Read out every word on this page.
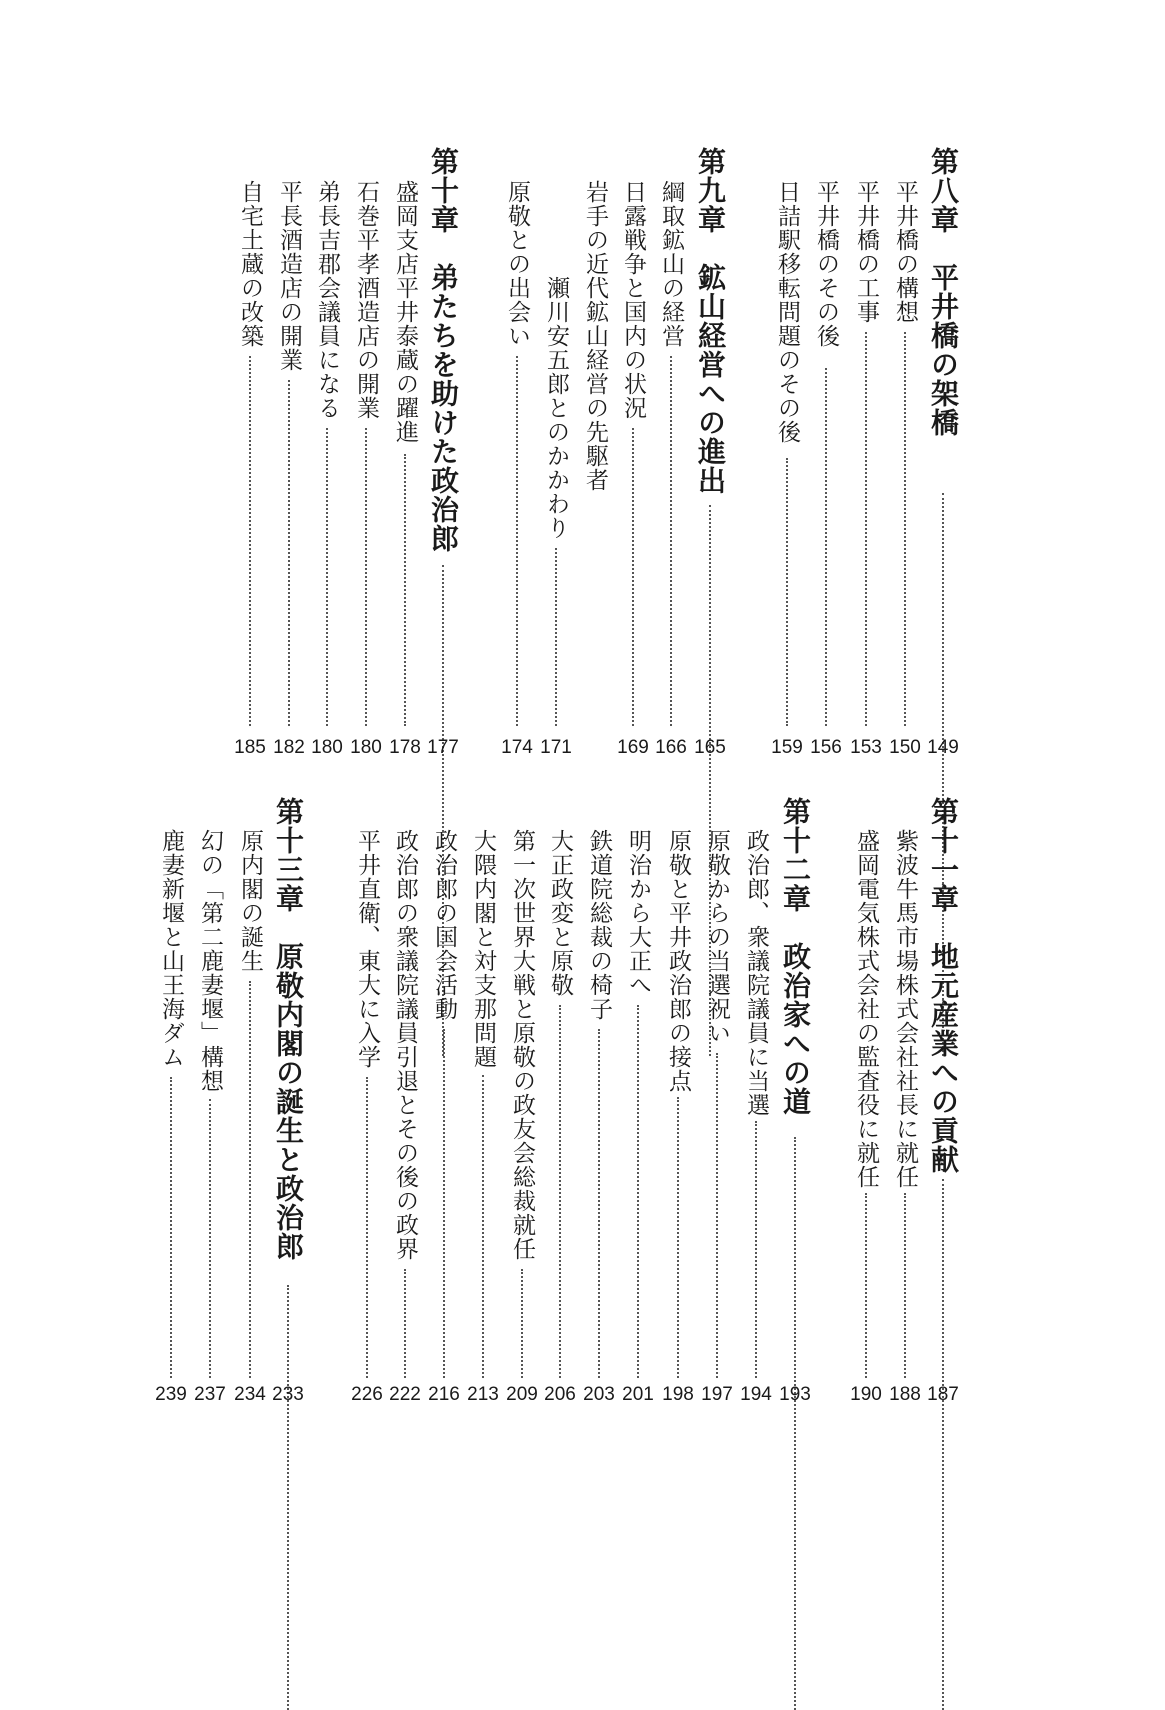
第八章　平井橋の架橋
149
平井橋の構想
150
平井橋の工事
153
平井橋のその後
156
日詰駅移転問題のその後
159
第九章　鉱山経営への進出
165
綱取鉱山の経営
166
日露戦争と国内の状況
169
岩手の近代鉱山経営の先駆者
瀬川安五郎とのかかわり
171
原敬との出会い
174
第十章　弟たちを助けた政治郎
177
盛岡支店平井泰蔵の躍進
178
石巻平孝酒造店の開業
180
弟長吉郡会議員になる
180
平長酒造店の開業
182
自宅土蔵の改築
185
第十一章　地元産業への貢献
187
紫波牛馬市場株式会社社長に就任
188
盛岡電気株式会社の監査役に就任
190
第十二章　政治家への道
193
政治郎、衆議院議員に当選
194
原敬からの当選祝い
197
原敬と平井政治郎の接点
198
明治から大正へ
201
鉄道院総裁の椅子
203
大正政変と原敬
206
第一次世界大戦と原敬の政友会総裁就任
209
大隈内閣と対支那問題
213
政治郎の国会活動
216
政治郎の衆議院議員引退とその後の政界
222
平井直衛、東大に入学
226
第十三章　原敬内閣の誕生と政治郎
233
原内閣の誕生
234
幻の「第二鹿妻堰」構想
237
鹿妻新堰と山王海ダム
239
